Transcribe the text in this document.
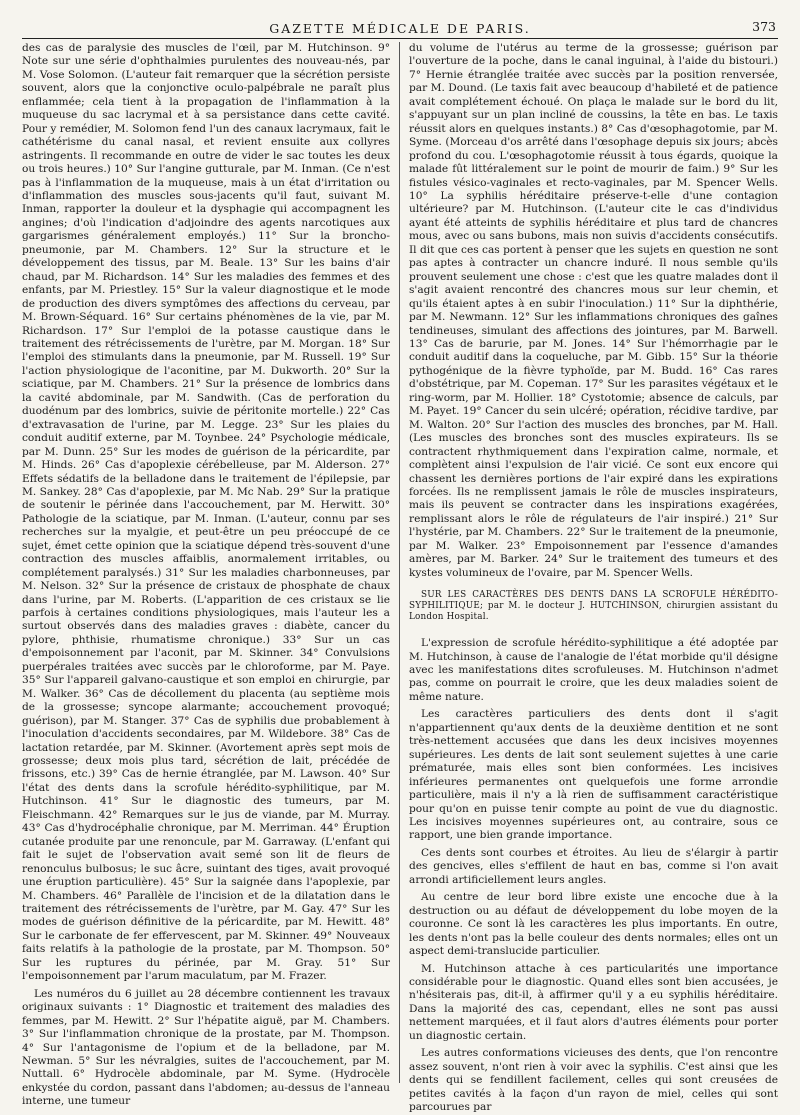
GAZETTE MÉDICALE DE PARIS.	373

des cas de paralysie des muscles de l'œil, par M. Hutchinson. 9° Note sur une série d'ophthalmies purulentes des nouveau-nés, par M. Vose Solomon. (L'auteur fait remarquer que la sécrétion persiste souvent, alors que la conjonctive oculo-palpébrale ne paraît plus enflammée; cela tient à la propagation de l'inflammation à la muqueuse du sac lacrymal et à sa persistance dans cette cavité. Pour y remédier, M. Solomon fend l'un des canaux lacrymaux, fait le cathétérisme du canal nasal, et revient ensuite aux collyres astringents. Il recommande en outre de vider le sac toutes les deux ou trois heures.) 10° Sur l'angine gutturale, par M. Inman. (Ce n'est pas à l'inflammation de la muqueuse, mais à un état d'irritation ou d'inflammation des muscles sous-jacents qu'il faut, suivant M. Inman, rapporter la douleur et la dysphagie qui accompagnent les angines; d'où l'indication d'adjoindre des agents narcotiques aux gargarismes généralement employés.) 11° Sur la broncho-pneumonie, par M. Chambers. 12° Sur la structure et le développement des tissus, par M. Beale. 13° Sur les bains d'air chaud, par M. Richardson. 14° Sur les maladies des femmes et des enfants, par M. Priestley. 15° Sur la valeur diagnostique et le mode de production des divers symptômes des affections du cerveau, par M. Brown-Séquard. 16° Sur certains phénomènes de la vie, par M. Richardson. 17° Sur l'emploi de la potasse caustique dans le traitement des rétrécissements de l'urètre, par M. Morgan. 18° Sur l'emploi des stimulants dans la pneumonie, par M. Russell. 19° Sur l'action physiologique de l'aconitine, par M. Dukworth. 20° Sur la sciatique, par M. Chambers. 21° Sur la présence de lombrics dans la cavité abdominale, par M. Sandwith. (Cas de perforation du duodénum par des lombrics, suivie de péritonite mortelle.) 22° Cas d'extravasation de l'urine, par M. Legge. 23° Sur les plaies du conduit auditif externe, par M. Toynbee. 24° Psychologie médicale, par M. Dunn. 25° Sur les modes de guérison de la péricardite, par M. Hinds. 26° Cas d'apoplexie cérébelleuse, par M. Alderson. 27° Effets sédatifs de la belladone dans le traitement de l'épilepsie, par M. Sankey. 28° Cas d'apoplexie, par M. Mc Nab. 29° Sur la pratique de soutenir le périnée dans l'accouchement, par M. Herwitt. 30° Pathologie de la sciatique, par M. Inman. (L'auteur, connu par ses recherches sur la myalgie, et peut-être un peu préoccupé de ce sujet, émet cette opinion que la sciatique dépend très-souvent d'une contraction des muscles affaiblis, anormalement irritables, ou complétement paralysés.) 31° Sur les maladies charbonneuses, par M. Nelson. 32° Sur la présence de cristaux de phosphate de chaux dans l'urine, par M. Roberts. (L'apparition de ces cristaux se lie parfois à certaines conditions physiologiques, mais l'auteur les a surtout observés dans des maladies graves : diabète, cancer du pylore, phthisie, rhumatisme chronique.) 33° Sur un cas d'empoisonnement par l'aconit, par M. Skinner. 34° Convulsions puerpérales traitées avec succès par le chloroforme, par M. Paye. 35° Sur l'appareil galvano-caustique et son emploi en chirurgie, par M. Walker. 36° Cas de décollement du placenta (au septième mois de la grossesse; syncope alarmante; accouchement provoqué; guérison), par M. Stanger. 37° Cas de syphilis due probablement à l'inoculation d'accidents secondaires, par M. Wildebore. 38° Cas de lactation retardée, par M. Skinner. (Avortement après sept mois de grossesse; deux mois plus tard, sécrétion de lait, précédée de frissons, etc.) 39° Cas de hernie étranglée, par M. Lawson. 40° Sur l'état des dents dans la scrofule hérédito-syphilitique, par M. Hutchinson. 41° Sur le diagnostic des tumeurs, par M. Fleischmann. 42° Remarques sur le jus de viande, par M. Murray. 43° Cas d'hydrocéphalie chronique, par M. Merriman. 44° Éruption cutanée produite par une renoncule, par M. Garraway. (L'enfant qui fait le sujet de l'observation avait semé son lit de fleurs de renonculus bulbosus; le suc âcre, suintant des tiges, avait provoqué une éruption particulière). 45° Sur la saignée dans l'apoplexie, par M. Chambers. 46° Parallèle de l'incision et de la dilatation dans le traitement des rétrécissements de l'urètre, par M. Gay. 47° Sur les modes de guérison définitive de la péricardite, par M. Hewitt. 48° Sur le carbonate de fer effervescent, par M. Skinner. 49° Nouveaux faits relatifs à la pathologie de la prostate, par M. Thompson. 50° Sur les ruptures du périnée, par M. Gray. 51° Sur l'empoisonnement par l'arum maculatum, par M. Frazer.

Les numéros du 6 juillet au 28 décembre contiennent les travaux originaux suivants : 1° Diagnostic et traitement des maladies des femmes, par M. Hewitt. 2° Sur l'hépatite aiguë, par M. Chambers. 3° Sur l'inflammation chronique de la prostate, par M. Thompson. 4° Sur l'antagonisme de l'opium et de la belladone, par M. Newman. 5° Sur les névralgies, suites de l'accouchement, par M. Nuttall. 6° Hydrocèle abdominale, par M. Syme. (Hydrocèle enkystée du cordon, passant dans l'abdomen; au-dessus de l'anneau interne, une tumeur

du volume de l'utérus au terme de la grossesse; guérison par l'ouverture de la poche, dans le canal inguinal, à l'aide du bistouri.) 7° Hernie étranglée traitée avec succès par la position renversée, par M. Dound. (Le taxis fait avec beaucoup d'habileté et de patience avait complétement échoué. On plaça le malade sur le bord du lit, s'appuyant sur un plan incliné de coussins, la tête en bas. Le taxis réussit alors en quelques instants.) 8° Cas d'œsophagotomie, par M. Syme. (Morceau d'os arrêté dans l'œsophage depuis six jours; abcès profond du cou. L'œsophagotomie réussit à tous égards, quoique la malade fût littéralement sur le point de mourir de faim.) 9° Sur les fistules vésico-vaginales et recto-vaginales, par M. Spencer Wells. 10° La syphilis héréditaire préserve-t-elle d'une contagion ultérieure? par M. Hutchinson. (L'auteur cite le cas d'individus ayant été atteints de syphilis héréditaire et plus tard de chancres mous, avec ou sans bubons, mais non suivis d'accidents consécutifs. Il dit que ces cas portent à penser que les sujets en question ne sont pas aptes à contracter un chancre induré. Il nous semble qu'ils prouvent seulement une chose : c'est que les quatre malades dont il s'agit avaient rencontré des chancres mous sur leur chemin, et qu'ils étaient aptes à en subir l'inoculation.) 11° Sur la diphthérie, par M. Newmann. 12° Sur les inflammations chroniques des gaînes tendineuses, simulant des affections des jointures, par M. Barwell. 13° Cas de barurie, par M. Jones. 14° Sur l'hémorrhagie par le conduit auditif dans la coqueluche, par M. Gibb. 15° Sur la théorie pythogénique de la fièvre typhoïde, par M. Budd. 16° Cas rares d'obstétrique, par M. Copeman. 17° Sur les parasites végétaux et le ring-worm, par M. Hollier. 18° Cystotomie; absence de calculs, par M. Payet. 19° Cancer du sein ulcéré; opération, récidive tardive, par M. Walton. 20° Sur l'action des muscles des bronches, par M. Hall. (Les muscles des bronches sont des muscles expirateurs. Ils se contractent rhythmiquement dans l'expiration calme, normale, et complètent ainsi l'expulsion de l'air vicié. Ce sont eux encore qui chassent les dernières portions de l'air expiré dans les expirations forcées. Ils ne remplissent jamais le rôle de muscles inspirateurs, mais ils peuvent se contracter dans les inspirations exagérées, remplissant alors le rôle de régulateurs de l'air inspiré.) 21° Sur l'hystérie, par M. Chambers. 22° Sur le traitement de la pneumonie, par M. Walker. 23° Empoisonnement par l'essence d'amandes amères, par M. Barker. 24° Sur le traitement des tumeurs et des kystes volumineux de l'ovaire, par M. Spencer Wells.

SUR LES CARACTÈRES DES DENTS DANS LA SCROFULE HÉRÉDITO-SYPHILITIQUE; par M. le docteur J. HUTCHINSON, chirurgien assistant du London Hospital.

L'expression de scrofule hérédito-syphilitique a été adoptée par M. Hutchinson, à cause de l'analogie de l'état morbide qu'il désigne avec les manifestations dites scrofuleuses. M. Hutchinson n'admet pas, comme on pourrait le croire, que les deux maladies soient de même nature.

Les caractères particuliers des dents dont il s'agit n'appartiennent qu'aux dents de la deuxième dentition et ne sont très-nettement accusées que dans les deux incisives moyennes supérieures. Les dents de lait sont seulement sujettes à une carie prématurée, mais elles sont bien conformées. Les incisives inférieures permanentes ont quelquefois une forme arrondie particulière, mais il n'y a là rien de suffisamment caractéristique pour qu'on en puisse tenir compte au point de vue du diagnostic. Les incisives moyennes supérieures ont, au contraire, sous ce rapport, une bien grande importance.

Ces dents sont courbes et étroites. Au lieu de s'élargir à partir des gencives, elles s'effilent de haut en bas, comme si l'on avait arrondi artificiellement leurs angles.

Au centre de leur bord libre existe une encoche due à la destruction ou au défaut de développement du lobe moyen de la couronne. Ce sont là les caractères les plus importants. En outre, les dents n'ont pas la belle couleur des dents normales; elles ont un aspect demi-translucide particulier.

M. Hutchinson attache à ces particularités une importance considérable pour le diagnostic. Quand elles sont bien accusées, je n'hésiterais pas, dit-il, à affirmer qu'il y a eu syphilis héréditaire. Dans la majorité des cas, cependant, elles ne sont pas aussi nettement marquées, et il faut alors d'autres éléments pour porter un diagnostic certain.

Les autres conformations vicieuses des dents, que l'on rencontre assez souvent, n'ont rien à voir avec la syphilis. C'est ainsi que les dents qui se fendillent facilement, celles qui sont creusées de petites cavités à la façon d'un rayon de miel, celles qui sont parcourues par
